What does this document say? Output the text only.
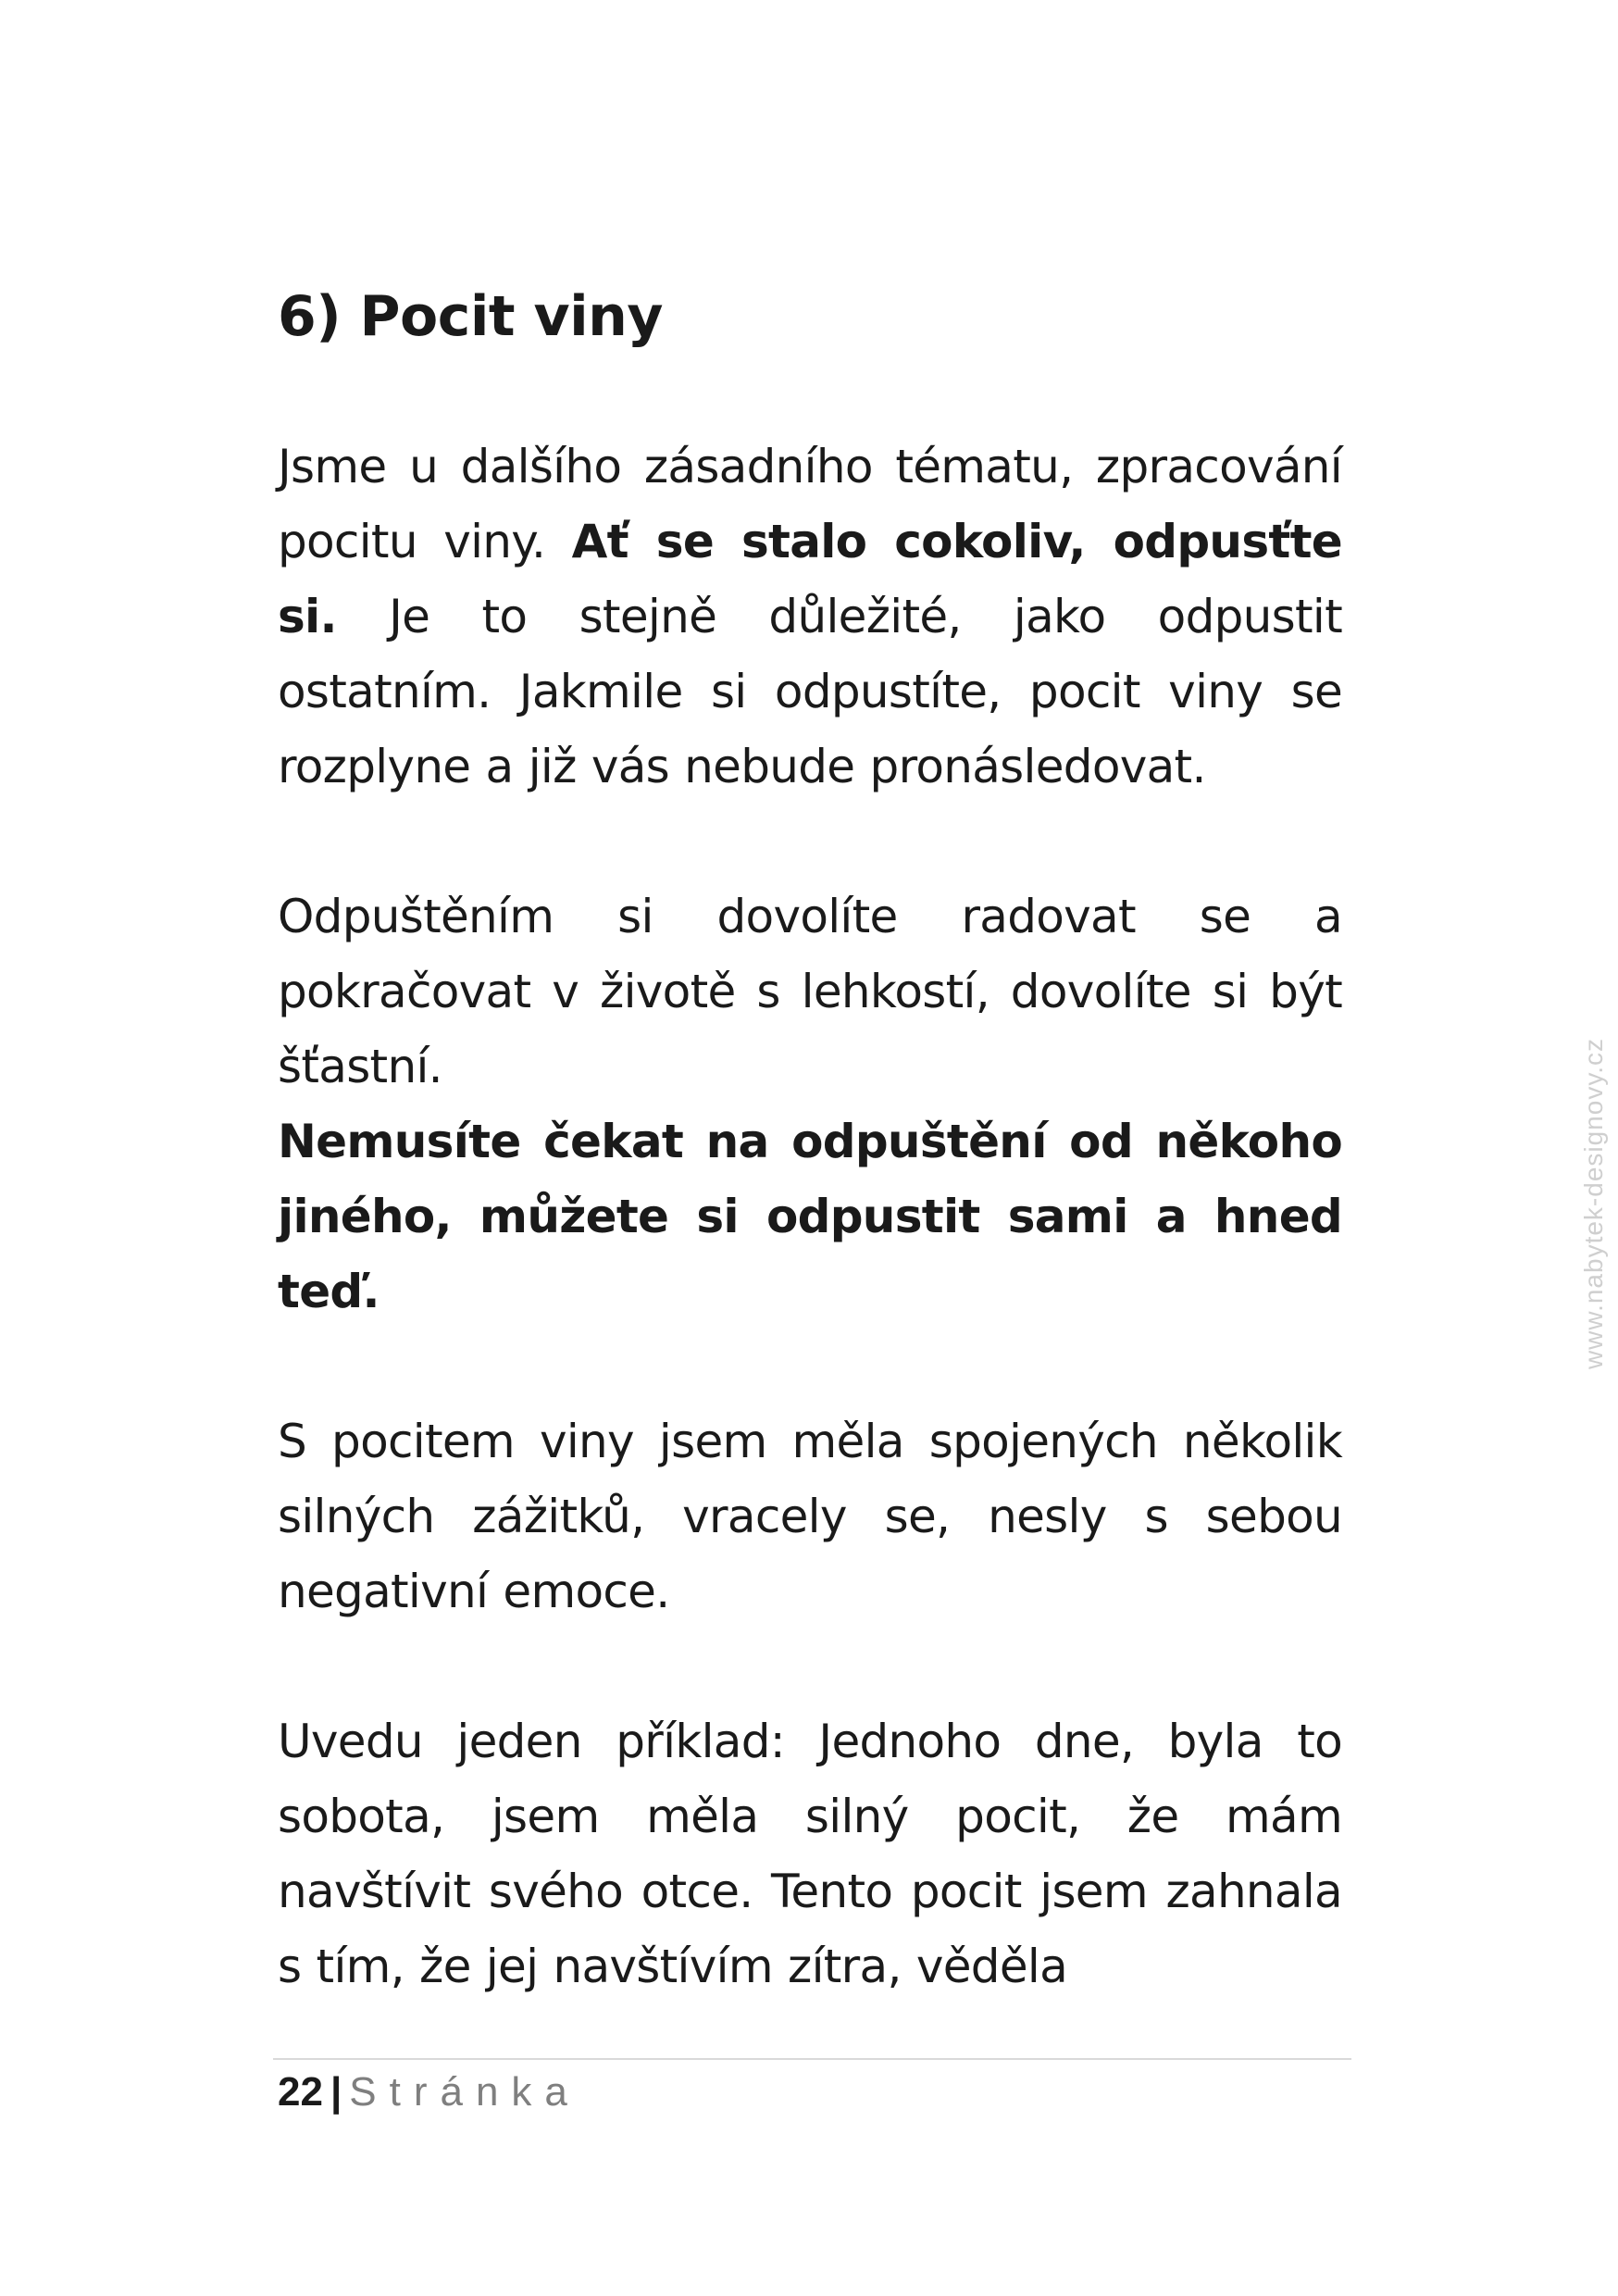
6) Pocit viny

Jsme u dalšího zásadního tématu, zpracování pocitu viny. Ať se stalo cokoliv, odpusťte si. Je to stejně důležité, jako odpustit ostatním. Jakmile si odpustíte, pocit viny se rozplyne a již vás nebude pronásledovat.

Odpuštěním si dovolíte radovat se a pokračovat v životě s lehkostí, dovolíte si být šťastní.

Nemusíte čekat na odpuštění od někoho jiného, můžete si odpustit sami a hned teď.

S pocitem viny jsem měla spojených několik silných zážitků, vracely se, nesly s sebou negativní emoce.

Uvedu jeden příklad: Jednoho dne, byla to sobota, jsem měla silný pocit, že mám navštívit svého otce. Tento pocit jsem zahnala s tím, že jej navštívím zítra, věděla

22 | Stránka
www.nabytek-designovy.cz
